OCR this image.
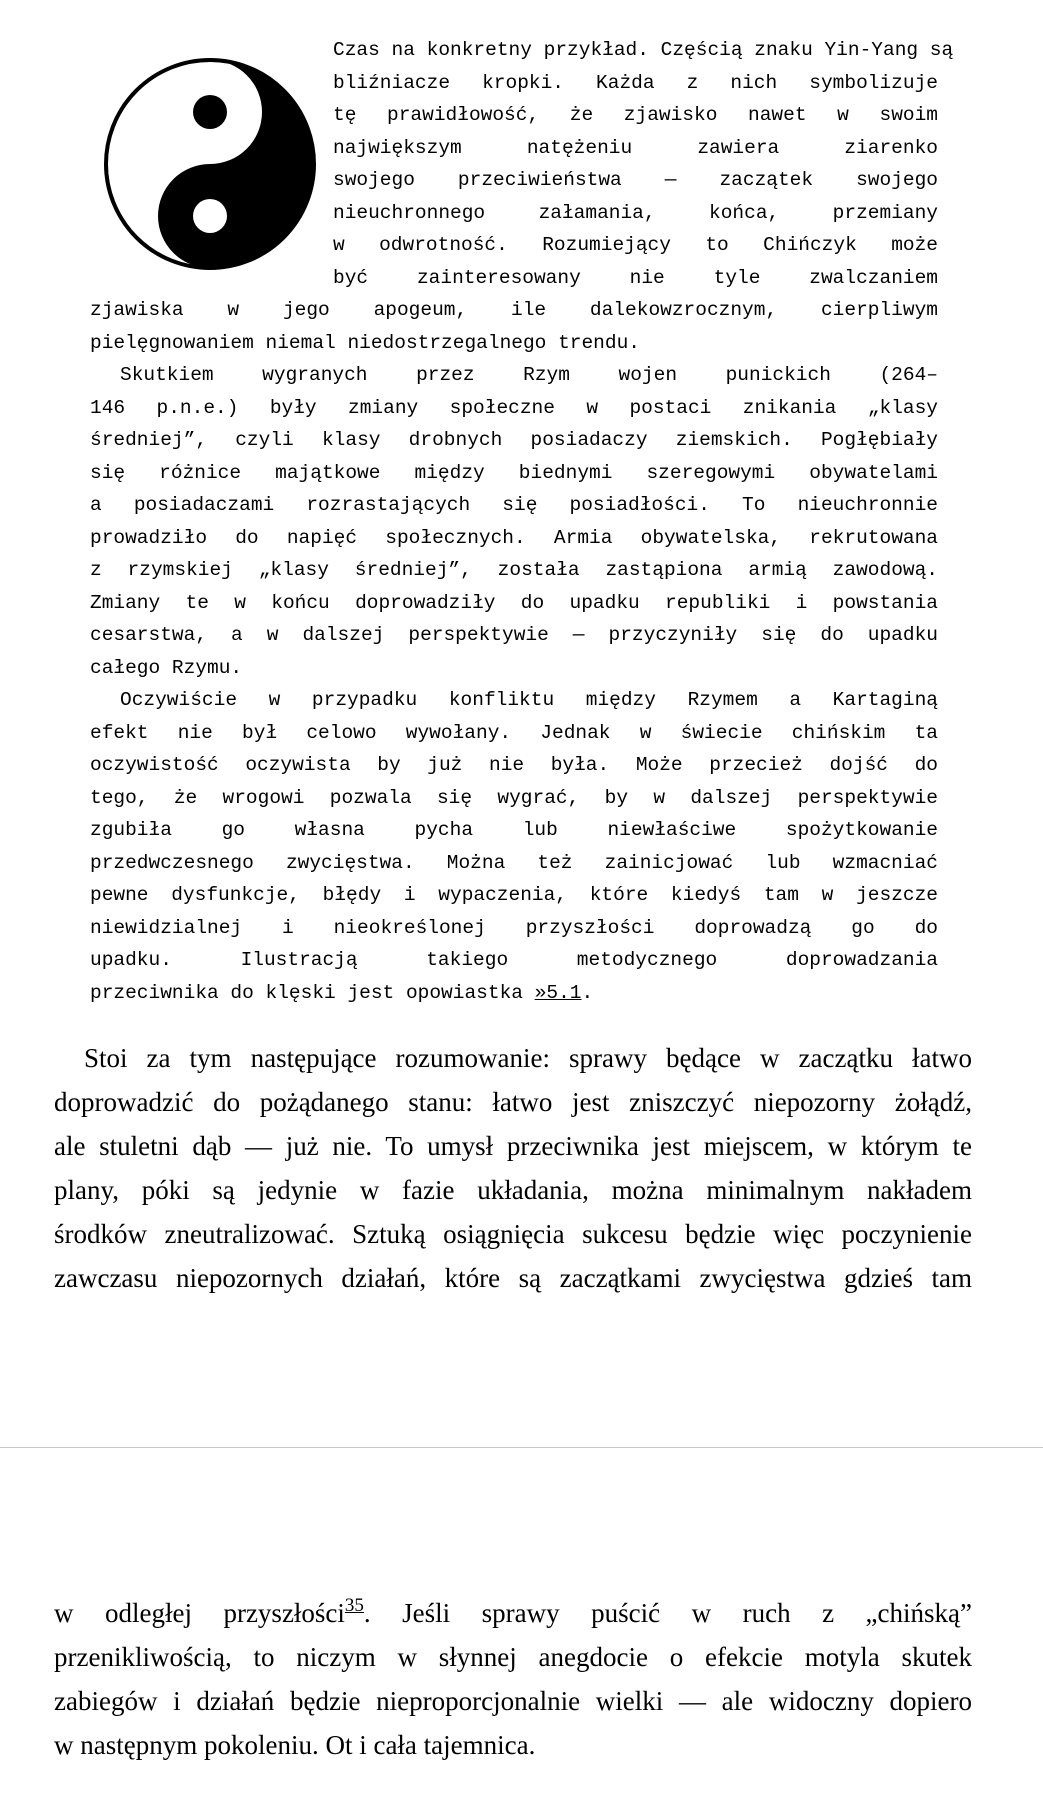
Czas na konkretny przykład. Częścią znaku Yin-Yang są
bliźniacze kropki. Każda z nich symbolizuje
tę prawidłowość, że zjawisko nawet w swoim
największym natężeniu zawiera ziarenko
swojego przeciwieństwa — zaczątek swojego
nieuchronnego załamania, końca, przemiany
w odwrotność. Rozumiejący to Chińczyk może
być zainteresowany nie tyle zwalczaniem
zjawiska w jego apogeum, ile dalekowzrocznym, cierpliwym
pielęgnowaniem niemal niedostrzegalnego trendu.
Skutkiem wygranych przez Rzym wojen punickich (264–
146 p.n.e.) były zmiany społeczne w postaci znikania „klasy
średniej”, czyli klasy drobnych posiadaczy ziemskich. Pogłębiały
się różnice majątkowe między biednymi szeregowymi obywatelami
a posiadaczami rozrastających się posiadłości. To nieuchronnie
prowadziło do napięć społecznych. Armia obywatelska, rekrutowana
z rzymskiej „klasy średniej”, została zastąpiona armią zawodową.
Zmiany te w końcu doprowadziły do upadku republiki i powstania
cesarstwa, a w dalszej perspektywie — przyczyniły się do upadku
całego Rzymu.
Oczywiście w przypadku konfliktu między Rzymem a Kartaginą
efekt nie był celowo wywołany. Jednak w świecie chińskim ta
oczywistość oczywista by już nie była. Może przecież dojść do
tego, że wrogowi pozwala się wygrać, by w dalszej perspektywie
zgubiła go własna pycha lub niewłaściwe spożytkowanie
przedwczesnego zwycięstwa. Można też zainicjować lub wzmacniać
pewne dysfunkcje, błędy i wypaczenia, które kiedyś tam w jeszcze
niewidzialnej i nieokreślonej przyszłości doprowadzą go do
upadku. Ilustracją takiego metodycznego doprowadzania
przeciwnika do klęski jest opowiastka »5.1.
Stoi za tym następujące rozumowanie: sprawy będące w zaczątku łatwo
doprowadzić do pożądanego stanu: łatwo jest zniszczyć niepozorny żołądź,
ale stuletni dąb — już nie. To umysł przeciwnika jest miejscem, w którym te
plany, póki są jedynie w fazie układania, można minimalnym nakładem
środków zneutralizować. Sztuką osiągnięcia sukcesu będzie więc poczynienie
zawczasu niepozornych działań, które są zaczątkami zwycięstwa gdzieś tam
w odległej przyszłości$^{35}$. Jeśli sprawy puścić w ruch z „chińską”
przenikliwością, to niczym w słynnej anegdocie o efekcie motyla skutek
zabiegów i działań będzie nieproporcjonalnie wielki — ale widoczny dopiero
w następnym pokoleniu. Ot i cała tajemnica.
